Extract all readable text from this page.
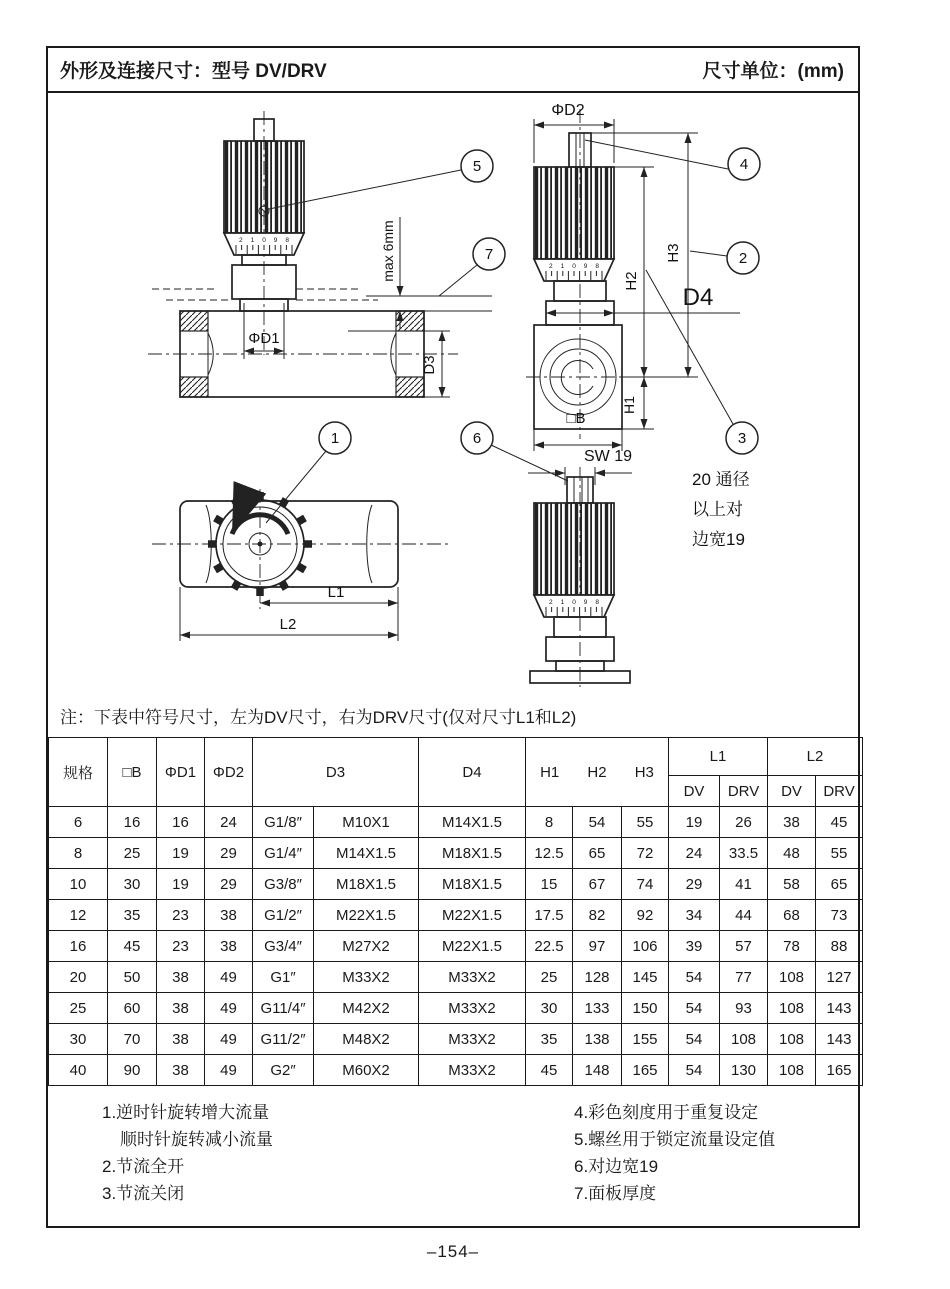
外形及连接尺寸：型号 DV/DRV	尺寸单位：(mm)
2 1 0 9 8
ΦD1
D3
max 6mm
5
7
ΦD2
D4
□B
H2
H3
H1
4
2
3
L1
L2
1
SW 19
6
20 通径
以上对
边宽19
注：下表中符号尺寸，左为DV尺寸，右为DRV尺寸(仅对尺寸L1和L2)
规格	□B	ΦD1	ΦD2	D3		D4	H1 H2 H3			L1		L2	
										DV	DRV	DV	DRV
6	16	16	24	G1/8″	M10X1	M14X1.5	8	54	55	19	26	38	45
8	25	19	29	G1/4″	M14X1.5	M18X1.5	12.5	65	72	24	33.5	48	55
10	30	19	29	G3/8″	M18X1.5	M18X1.5	15	67	74	29	41	58	65
12	35	23	38	G1/2″	M22X1.5	M22X1.5	17.5	82	92	34	44	68	73
16	45	23	38	G3/4″	M27X2	M22X1.5	22.5	97	106	39	57	78	88
20	50	38	49	G1″	M33X2	M33X2	25	128	145	54	77	108	127
25	60	38	49	G11/4″	M42X2	M33X2	30	133	150	54	93	108	143
30	70	38	49	G11/2″	M48X2	M33X2	35	138	155	54	108	108	143
40	90	38	49	G2″	M60X2	M33X2	45	148	165	54	130	108	165
1.逆时针旋转增大流量
顺时针旋转减小流量
2.节流全开
3.节流关闭
4.彩色刻度用于重复设定
5.螺丝用于锁定流量设定值
6.对边宽19
7.面板厚度
–154–
